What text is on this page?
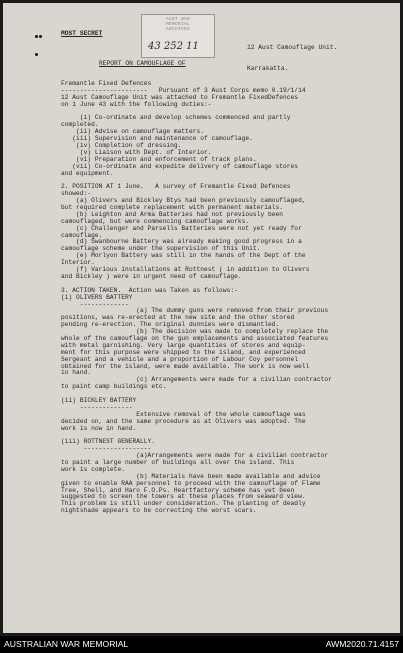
MOST SECRET

12 Aust Camouflage Unit.

Karrakatta.

AUST WAR
MEMORIAL
ARCHIVES
43 252 11
REPORT ON CAMOUFLAGE OF
Fremantle Fixed Defences
-----------------------   Pursuant of 3 Aust Corps memo 0.19/1/14
12 Aust Camouflage Unit was attached to Fremantle FixedDefences
on 1 June 43 with the following duties:-
(i) Co-ordinate and develop schemes commenced and partly
completed.
(ii) Advise on camouflage matters.
(iii) Supervision and maintenance of camouflage.
(iv) Completion of dressing.
(v) Liaison with Dept. of Interior.
(vi) Preparation and enforcement of track plans.
(vii) Co-ordinate and expedite delivery of camouflage stores
and equipment.
2. POSITION AT 1 June.   A survey of Fremantle Fixed Defences
showed:-
(a) Olivers and Bickley Btys had been previously camouflaged,
but required complete replacement with permanent materials.
(b) Leighton and Arma Batteries had not previously been
camouflaged, but were commencing camouflage works.
(c) Challenger and Parsells Batteries were not yet ready for
camouflage.
(d) Swanbourne Battery was already making good progress in a
camouflage scheme under the supervision of this Unit.
(e) Morlyon Battery was still in the hands of the Dept of the
Interior.
(f) Various installations at Rottnest ( in addition to Olivers
and Bickley ) were in urgent need of camouflage.
3. ACTION TAKEN.  Action was Taken as follows:-
(i) OLIVERS BATTERY
-------------
(a) The dummy guns were removed from their previous
positions, was re-erected at the new site and the other stored
pending re-erection. The original dunnies were dismantled.
(b) The decision was made to completely replace the
whole of the camouflage on the gun emplacements and associated features
with metal garnishing. Very large quantities of stores and equip-
ment for this purpose were shipped to the island, and experienced
Sergeant and a vehicle and a proportion of Labour Coy personnel
obtained for the island, were made available. The work is now well
in hand.
(c) Arrangements were made for a civilian contractor
to paint camp buildings etc.
(ii) BICKLEY BATTERY
--------------
Extensive removal of the whole camouflage was
decided on, and the same procedure as at Olivers was adopted. The
work is now in hand.
(iii) ROTTNEST GENERALLY.
------------------
(a)Arrangements were made for a civilian contractor
to paint a large number of buildings all over the island. This
work is complete.
(b) Materials have been made available and advice
given to enable RAA personnel to proceed with the camouflage of Flame
Tree, Shell, and Haro F.O.Ps. Heartfactory scheme has yet been
suggested to screen the towers at these places from seaward view.
This problem is still under consideration. The planting of deadly
nightshade appears to be correcting the worst scars.
AUSTRALIAN WAR MEMORIAL	AWM2020.71.4157
